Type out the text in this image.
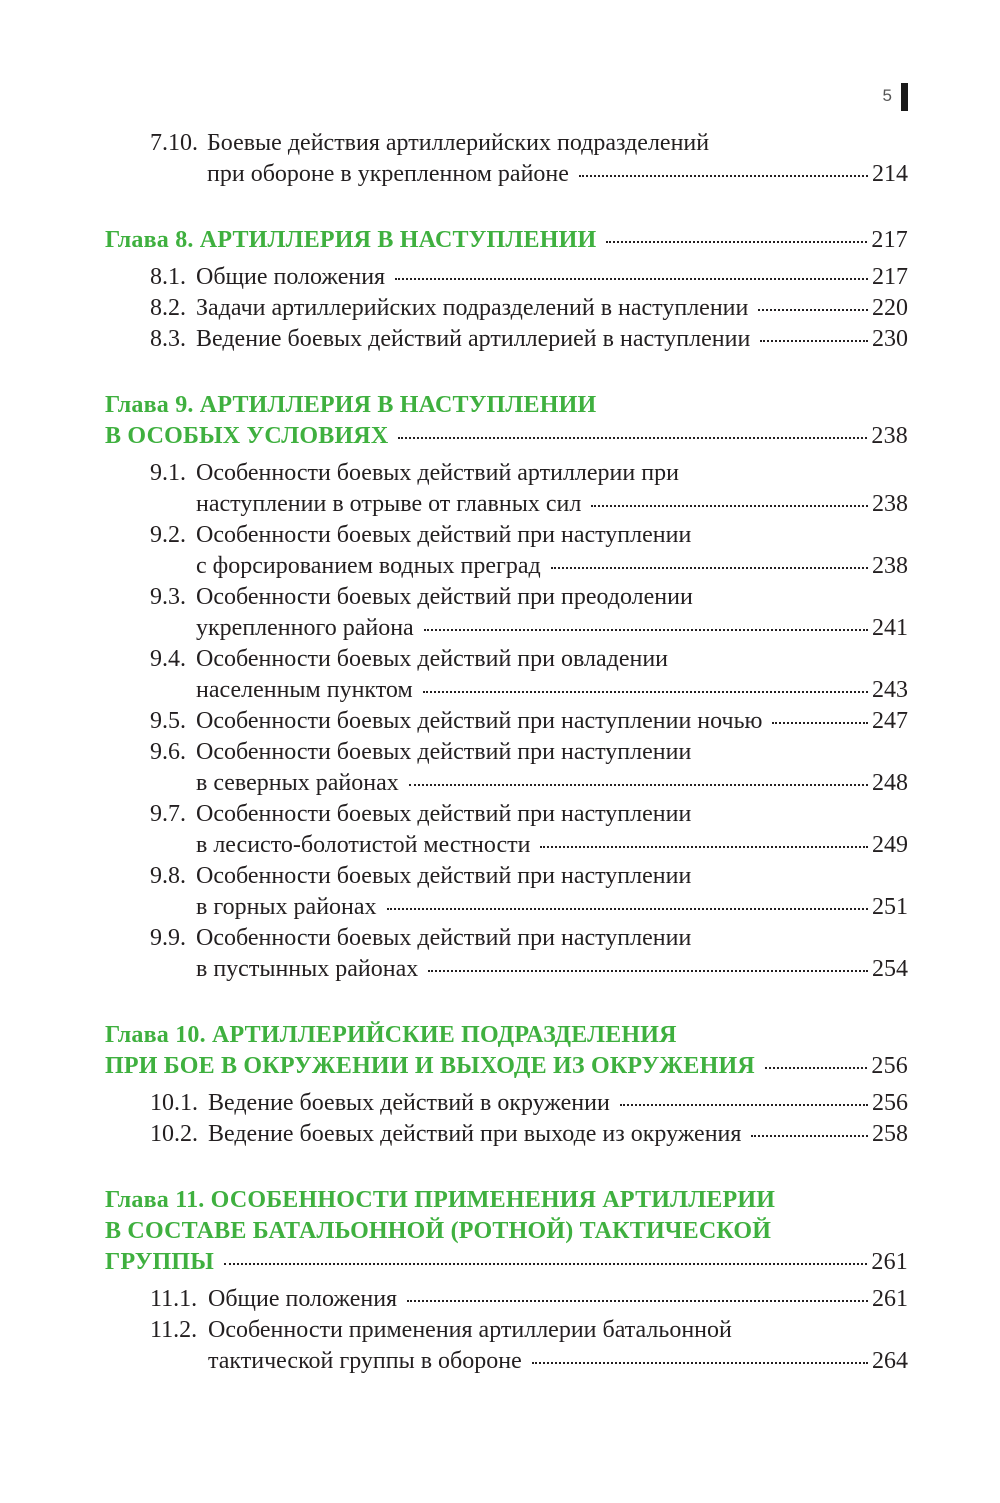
5
7.10. Боевые действия артиллерийских подразделений
при обороне в укрепленном районе	214
Глава 8. АРТИЛЛЕРИЯ В НАСТУПЛЕНИИ	217
8.1. Общие положения	217
8.2. Задачи артиллерийских подразделений в наступлении	220
8.3. Ведение боевых действий артиллерией в наступлении	230
Глава 9. АРТИЛЛЕРИЯ В НАСТУПЛЕНИИ
В ОСОБЫХ УСЛОВИЯХ	238
9.1. Особенности боевых действий артиллерии при
наступлении в отрыве от главных сил	238
9.2. Особенности боевых действий при наступлении
с форсированием водных преград	238
9.3. Особенности боевых действий при преодолении
укрепленного района	241
9.4. Особенности боевых действий при овладении
населенным пунктом	243
9.5. Особенности боевых действий при наступлении ночью	247
9.6. Особенности боевых действий при наступлении
в северных районах	248
9.7. Особенности боевых действий при наступлении
в лесисто-болотистой местности	249
9.8. Особенности боевых действий при наступлении
в горных районах	251
9.9. Особенности боевых действий при наступлении
в пустынных районах	254
Глава 10. АРТИЛЛЕРИЙСКИЕ ПОДРАЗДЕЛЕНИЯ
ПРИ БОЕ В ОКРУЖЕНИИ И ВЫХОДЕ ИЗ ОКРУЖЕНИЯ	256
10.1. Ведение боевых действий в окружении	256
10.2. Ведение боевых действий при выходе из окружения	258
Глава 11. ОСОБЕННОСТИ ПРИМЕНЕНИЯ АРТИЛЛЕРИИ
В СОСТАВЕ БАТАЛЬОННОЙ (РОТНОЙ) ТАКТИЧЕСКОЙ
ГРУППЫ	261
11.1. Общие положения	261
11.2. Особенности применения артиллерии батальонной
тактической группы в обороне	264
